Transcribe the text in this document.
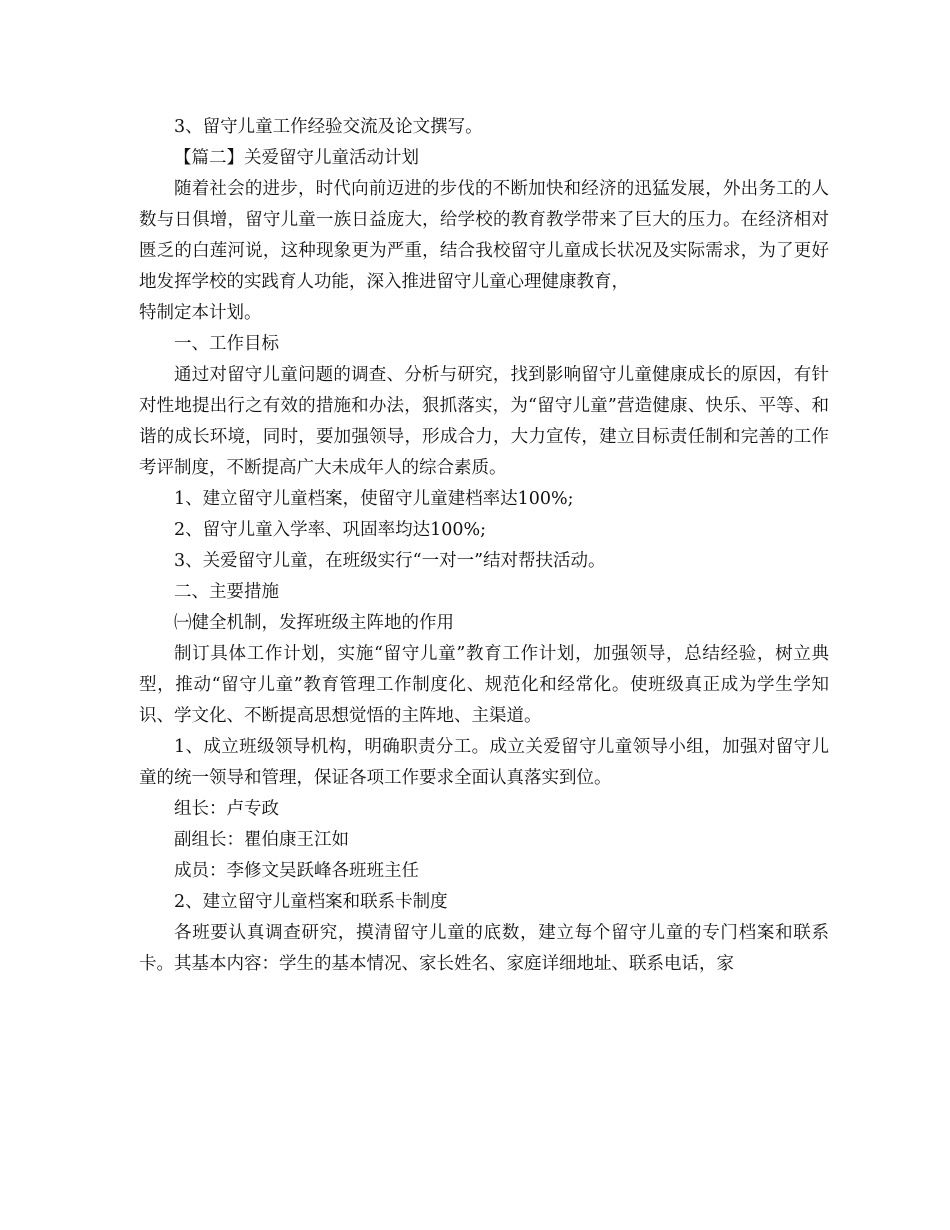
3、留守儿童工作经验交流及论文撰写。

【篇二】关爱留守儿童活动计划

随着社会的进步，时代向前迈进的步伐的不断加快和经济的迅猛发展，外出务工的人数与日俱增，留守儿童一族日益庞大，给学校的教育教学带来了巨大的压力。在经济相对匮乏的白莲河说，这种现象更为严重，结合我校留守儿童成长状况及实际需求，为了更好地发挥学校的实践育人功能，深入推进留守儿童心理健康教育，

特制定本计划。

一、工作目标

通过对留守儿童问题的调查、分析与研究，找到影响留守儿童健康成长的原因，有针对性地提出行之有效的措施和办法，狠抓落实，为“留守儿童”营造健康、快乐、平等、和谐的成长环境，同时，要加强领导，形成合力，大力宣传，建立目标责任制和完善的工作考评制度，不断提高广大未成年人的综合素质。

1、建立留守儿童档案，使留守儿童建档率达100%;

2、留守儿童入学率、巩固率均达100%;

3、关爱留守儿童，在班级实行“一对一”结对帮扶活动。

二、主要措施

㈠健全机制，发挥班级主阵地的作用

制订具体工作计划，实施“留守儿童”教育工作计划，加强领导，总结经验，树立典型，推动“留守儿童”教育管理工作制度化、规范化和经常化。使班级真正成为学生学知识、学文化、不断提高思想觉悟的主阵地、主渠道。

1、成立班级领导机构，明确职责分工。成立关爱留守儿童领导小组，加强对留守儿童的统一领导和管理，保证各项工作要求全面认真落实到位。

组长：卢专政

副组长：瞿伯康王江如

成员：李修文吴跃峰各班班主任

2、建立留守儿童档案和联系卡制度

各班要认真调查研究，摸清留守儿童的底数，建立每个留守儿童的专门档案和联系卡。其基本内容：学生的基本情况、家长姓名、家庭详细地址、联系电话，家
